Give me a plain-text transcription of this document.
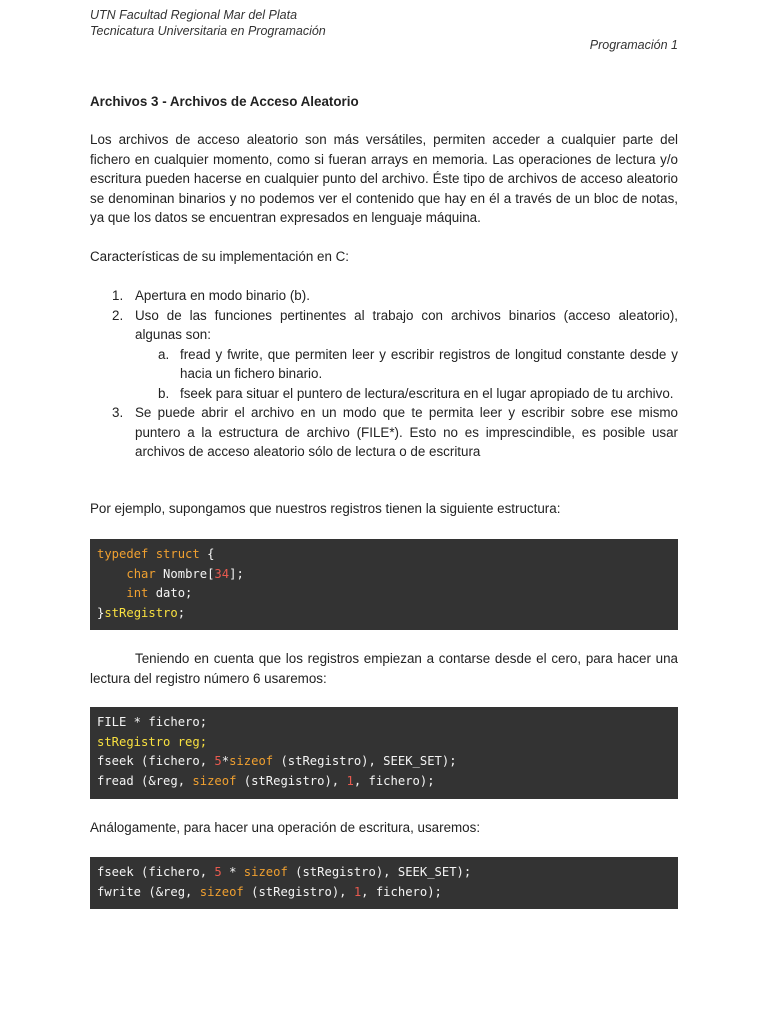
UTN Facultad Regional Mar del Plata
Tecnicatura Universitaria en Programación
Programación 1
Archivos 3 - Archivos de Acceso Aleatorio
Los archivos de acceso aleatorio son más versátiles, permiten acceder a cualquier parte del fichero en cualquier momento, como si fueran arrays en memoria. Las operaciones de lectura y/o escritura pueden hacerse en cualquier punto del archivo. Éste tipo de archivos de acceso aleatorio se denominan binarios y no podemos ver el contenido que hay en él a través de un bloc de notas, ya que los datos se encuentran expresados en lenguaje máquina.
Características de su implementación en C:
1. Apertura en modo binario (b).
2. Uso de las funciones pertinentes al trabajo con archivos binarios (acceso aleatorio), algunas son:
a. fread y fwrite, que permiten leer y escribir registros de longitud constante desde y hacia un fichero binario.
b. fseek para situar el puntero de lectura/escritura en el lugar apropiado de tu archivo.
3. Se puede abrir el archivo en un modo que te permita leer y escribir sobre ese mismo puntero a la estructura de archivo (FILE*). Esto no es imprescindible, es posible usar archivos de acceso aleatorio sólo de lectura o de escritura
Por ejemplo, supongamos que nuestros registros tienen la siguiente estructura:
typedef struct {
char Nombre[34];
int dato;
}stRegistro;
Teniendo en cuenta que los registros empiezan a contarse desde el cero, para hacer una lectura del registro número 6 usaremos:
FILE * fichero;
stRegistro reg;
fseek (fichero, 5*sizeof (stRegistro), SEEK_SET);
fread (&reg, sizeof (stRegistro), 1, fichero);
Análogamente, para hacer una operación de escritura, usaremos:
fseek (fichero, 5 * sizeof (stRegistro), SEEK_SET);
fwrite (&reg, sizeof (stRegistro), 1, fichero);
